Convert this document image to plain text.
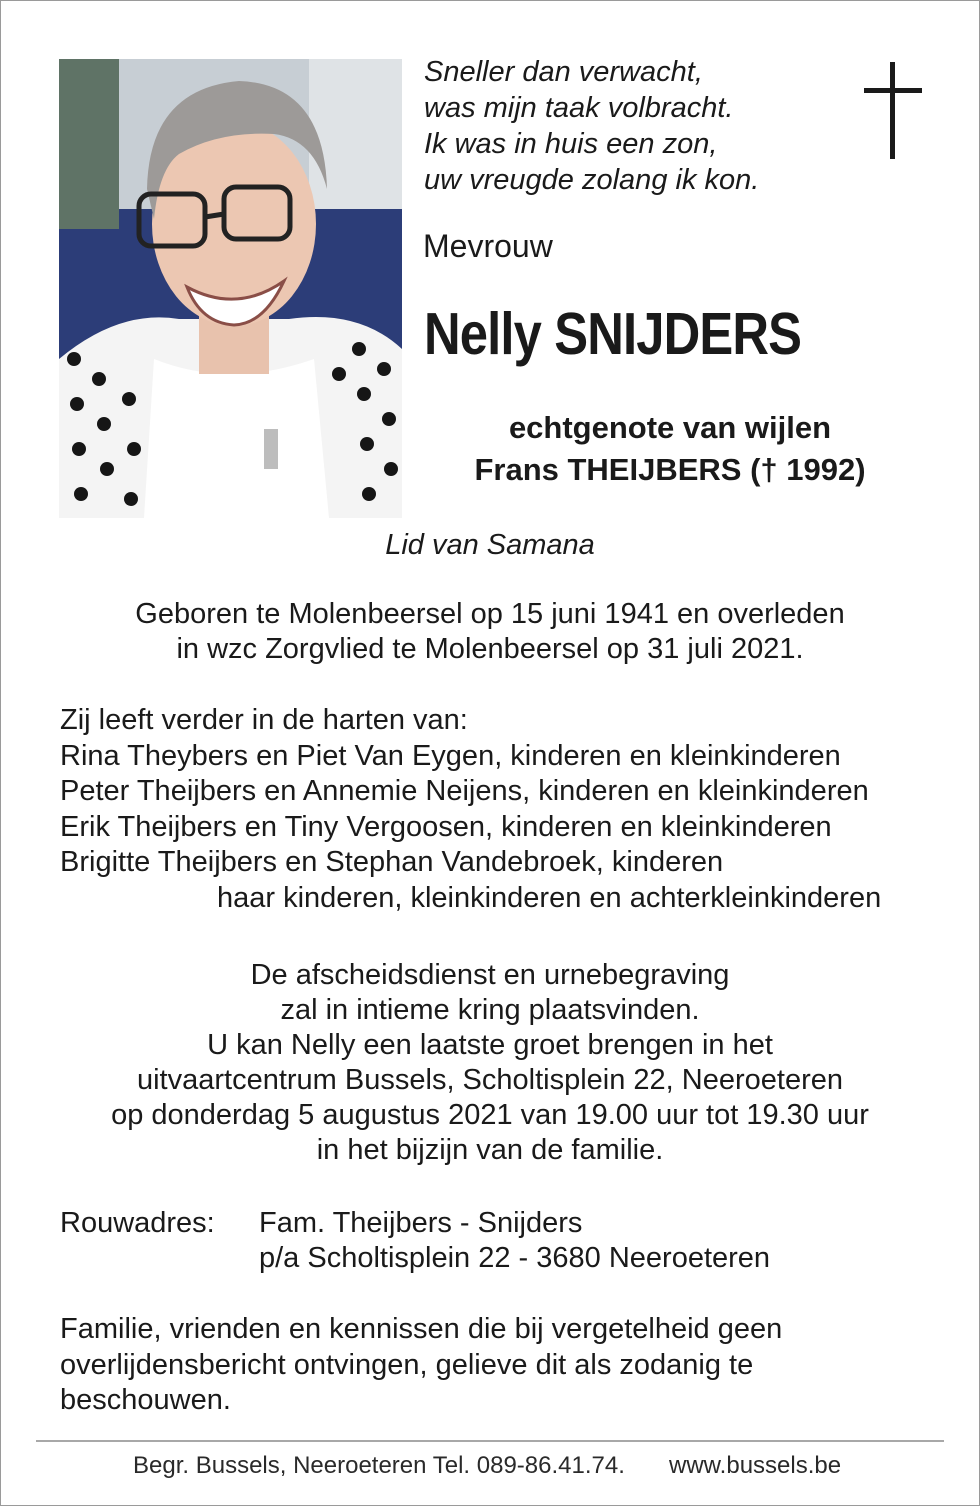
Sneller dan verwacht,
was mijn taak volbracht.
Ik was in huis een zon,
uw vreugde zolang ik kon.
Mevrouw
Nelly SNIJDERS
echtgenote van wijlen
Frans THEIJBERS († 1992)
Lid van Samana
Geboren te Molenbeersel op 15 juni 1941 en overleden
in wzc Zorgvlied te Molenbeersel op 31 juli 2021.
Zij leeft verder in de harten van:
Rina Theybers en Piet Van Eygen, kinderen en kleinkinderen
Peter Theijbers en Annemie Neijens, kinderen en kleinkinderen
Erik Theijbers en Tiny Vergoosen, kinderen en kleinkinderen
Brigitte Theijbers en Stephan Vandebroek, kinderen
haar kinderen, kleinkinderen en achterkleinkinderen
De afscheidsdienst en urnebegraving
zal in intieme kring plaatsvinden.
U kan Nelly een laatste groet brengen in het
uitvaartcentrum Bussels, Scholtisplein 22, Neeroeteren
op donderdag 5 augustus 2021 van 19.00 uur tot 19.30 uur
in het bijzijn van de familie.
Rouwadres: Fam. Theijbers - Snijders
p/a Scholtisplein 22 - 3680 Neeroeteren
Familie, vrienden en kennissen die bij vergetelheid geen
overlijdensbericht ontvingen, gelieve dit als zodanig te
beschouwen.
Begr. Bussels, Neeroeteren Tel. 089-86.41.74. www.bussels.be
